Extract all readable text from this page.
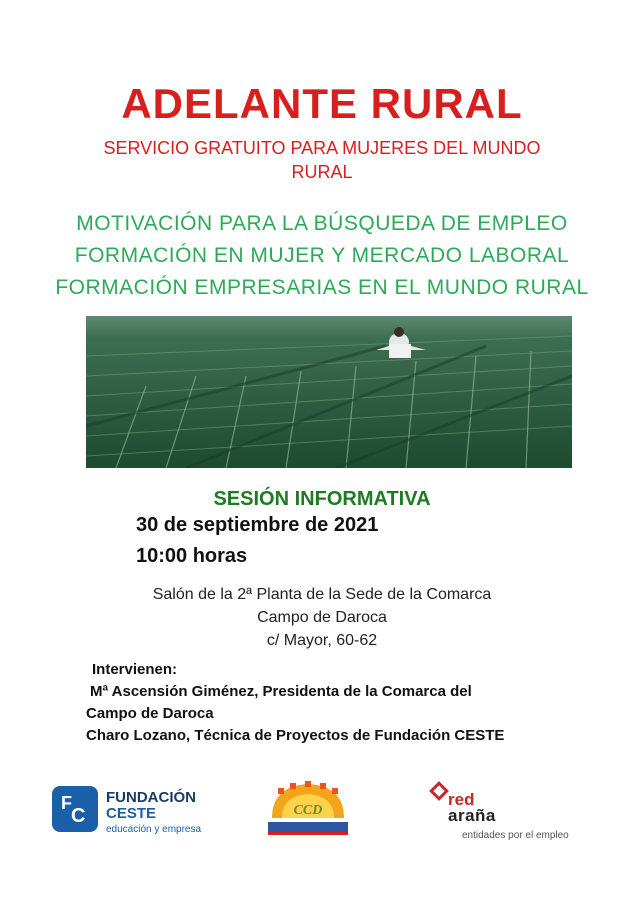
ADELANTE RURAL
SERVICIO GRATUITO PARA MUJERES DEL MUNDO RURAL
MOTIVACIÓN PARA LA BÚSQUEDA DE EMPLEO
FORMACIÓN EN MUJER Y MERCADO LABORAL
FORMACIÓN EMPRESARIAS EN EL MUNDO RURAL
SESIÓN INFORMATIVA
30 de septiembre de 2021
10:00 horas
Salón de la 2ª Planta de la Sede de la Comarca
Campo de Daroca
c/ Mayor, 60-62
Intervienen:
Mª Ascensión Giménez, Presidenta de la Comarca del
Campo de Daroca
Charo Lozano, Técnica de Proyectos de Fundación CESTE
F
C
FUNDACIÓN
CESTE
educación y empresa
CCD
red
araña
entidades por el empleo
